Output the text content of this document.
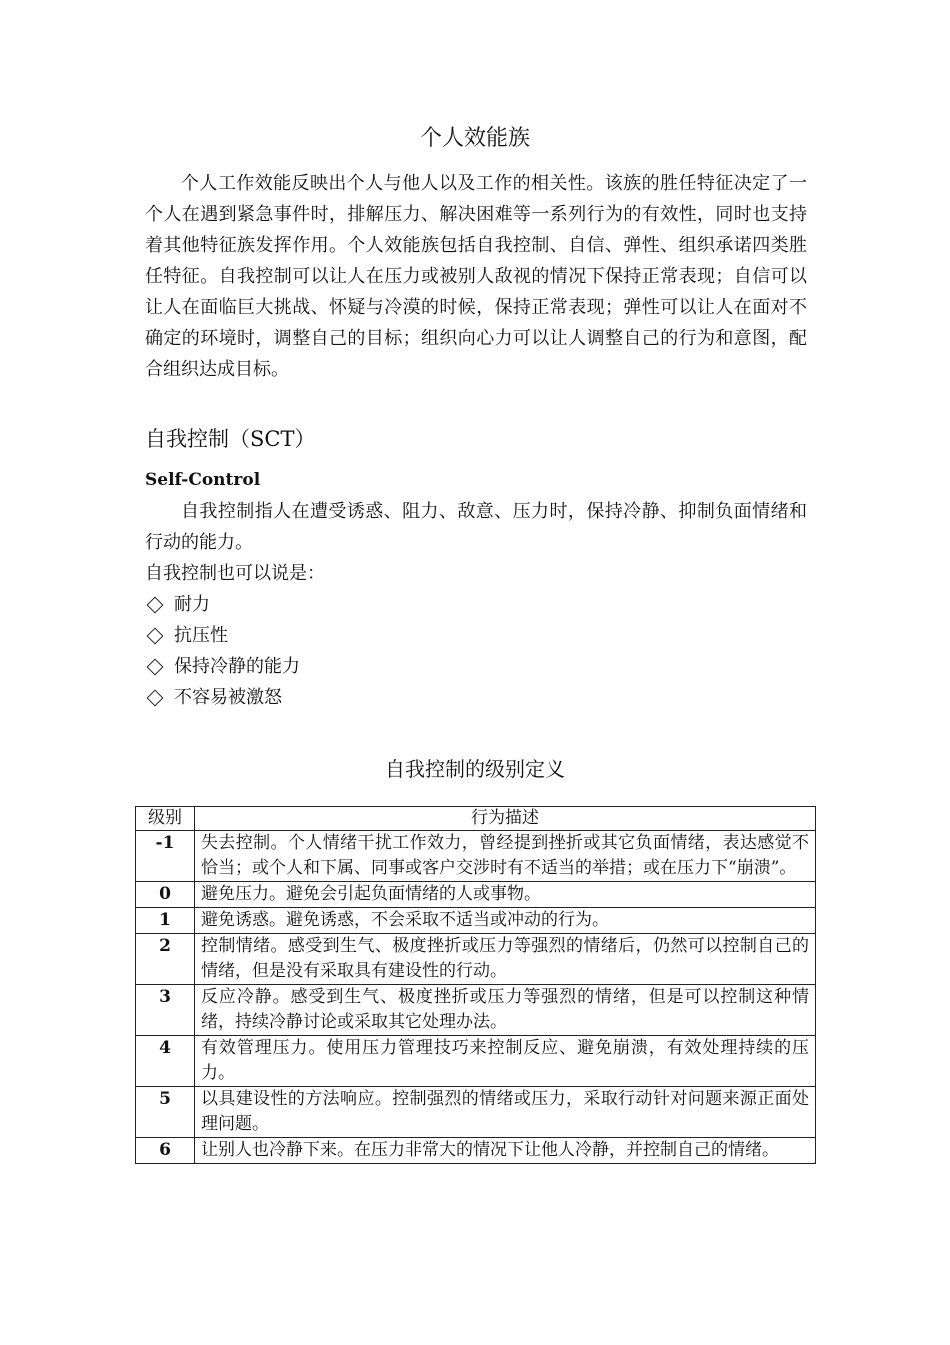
个人效能族

个人工作效能反映出个人与他人以及工作的相关性。该族的胜任特征决定了一个人在遇到紧急事件时，排解压力、解决困难等一系列行为的有效性，同时也支持着其他特征族发挥作用。个人效能族包括自我控制、自信、弹性、组织承诺四类胜任特征。自我控制可以让人在压力或被别人敌视的情况下保持正常表现；自信可以让人在面临巨大挑战、怀疑与冷漠的时候，保持正常表现；弹性可以让人在面对不确定的环境时，调整自己的目标；组织向心力可以让人调整自己的行为和意图，配合组织达成目标。

自我控制（SCT）
Self-Control

自我控制指人在遭受诱惑、阻力、敌意、压力时，保持冷静、抑制负面情绪和行动的能力。

自我控制也可以说是：
耐力
抗压性
保持冷静的能力
不容易被激怒
自我控制的级别定义
级别	行为描述
-1	失去控制。个人情绪干扰工作效力，曾经提到挫折或其它负面情绪，表达感觉不恰当；或个人和下属、同事或客户交涉时有不适当的举措；或在压力下“崩溃”。
0	避免压力。避免会引起负面情绪的人或事物。
1	避免诱惑。避免诱惑，不会采取不适当或冲动的行为。
2	控制情绪。感受到生气、极度挫折或压力等强烈的情绪后，仍然可以控制自己的情绪，但是没有采取具有建设性的行动。
3	反应冷静。感受到生气、极度挫折或压力等强烈的情绪，但是可以控制这种情绪，持续冷静讨论或采取其它处理办法。
4	有效管理压力。使用压力管理技巧来控制反应、避免崩溃，有效处理持续的压力。
5	以具建设性的方法响应。控制强烈的情绪或压力，采取行动针对问题来源正面处理问题。
6	让别人也冷静下来。在压力非常大的情况下让他人冷静，并控制自己的情绪。
